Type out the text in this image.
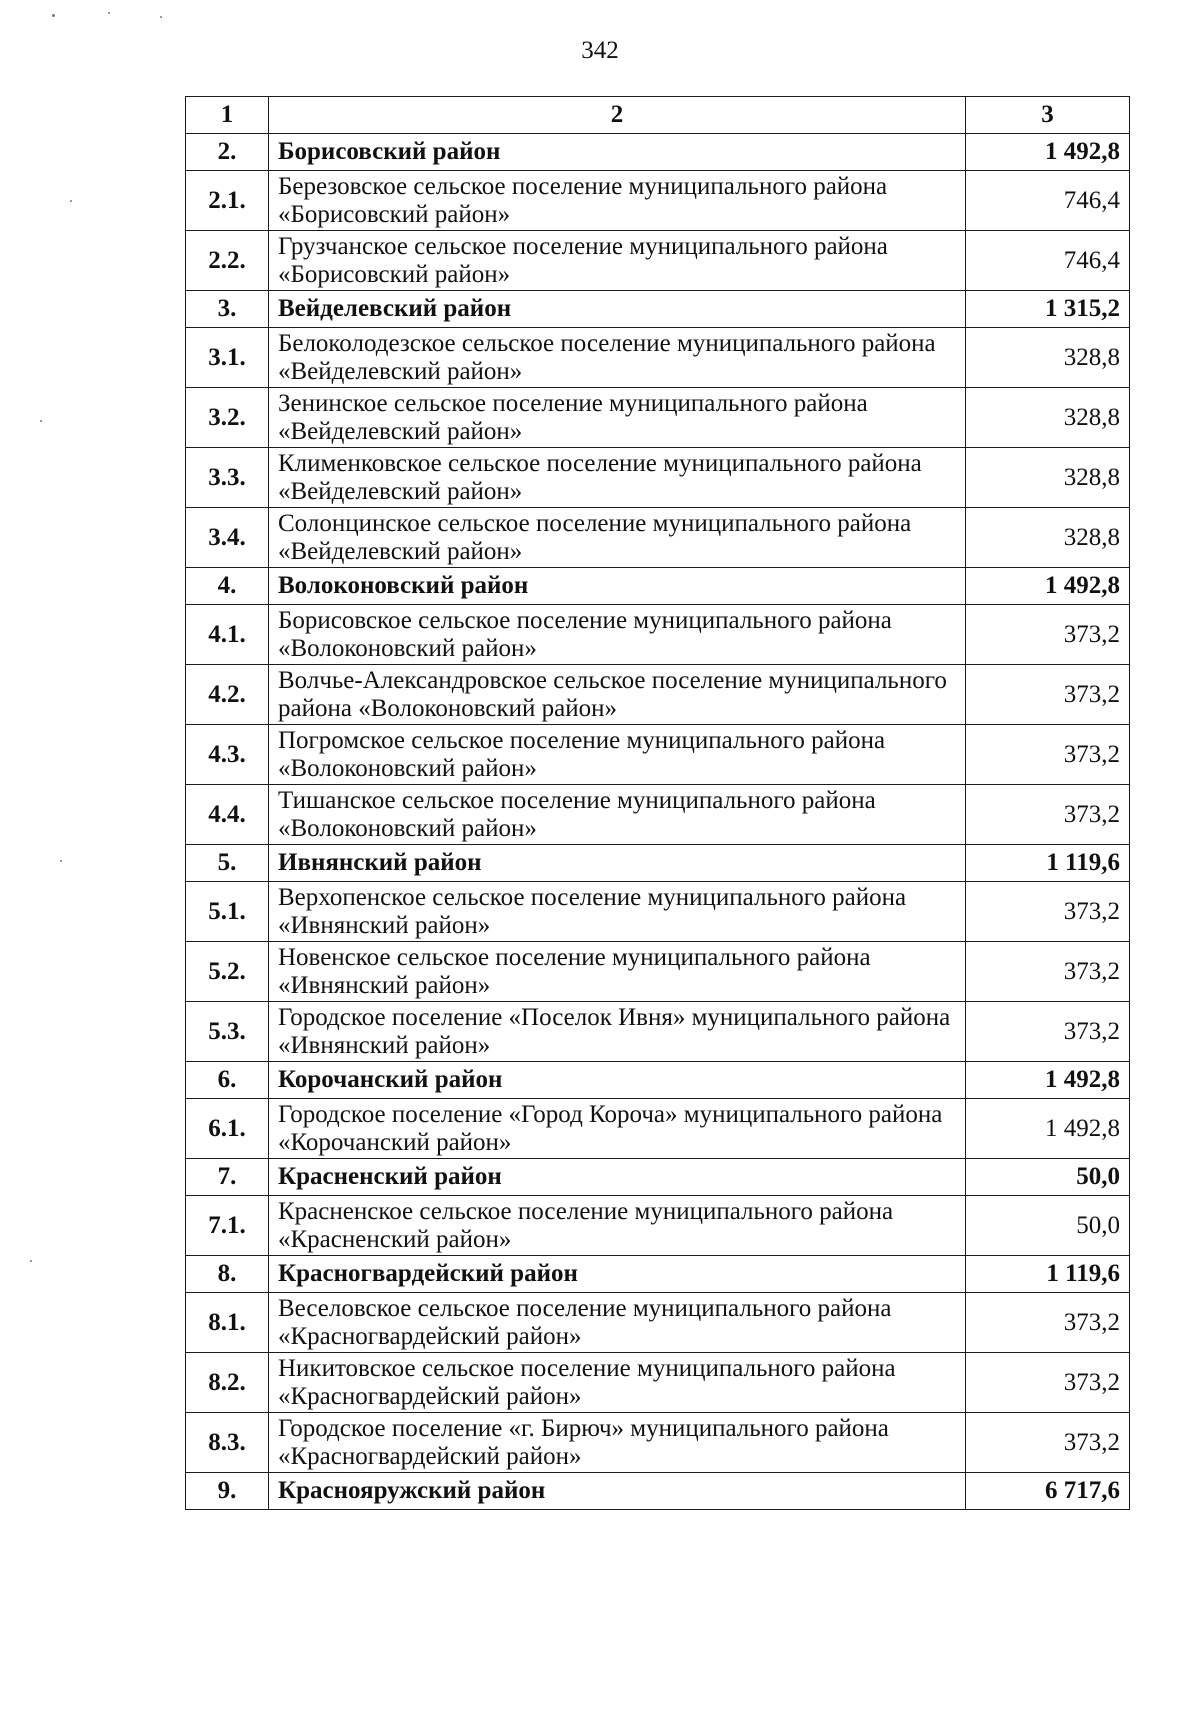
342
1	2	3
2.	Борисовский район	1 492,8
2.1.	Березовское сельское поселение муниципального района «Борисовский район»	746,4
2.2.	Грузчанское сельское поселение муниципального района «Борисовский район»	746,4
3.	Вейделевский район	1 315,2
3.1.	Белоколодезское сельское поселение муниципального района «Вейделевский район»	328,8
3.2.	Зенинское сельское поселение муниципального района «Вейделевский район»	328,8
3.3.	Клименковское сельское поселение муниципального района «Вейделевский район»	328,8
3.4.	Солонцинское сельское поселение муниципального района «Вейделевский район»	328,8
4.	Волоконовский район	1 492,8
4.1.	Борисовское сельское поселение муниципального района «Волоконовский район»	373,2
4.2.	Волчье-Александровское сельское поселение муниципального района «Волоконовский район»	373,2
4.3.	Погромское сельское поселение муниципального района «Волоконовский район»	373,2
4.4.	Тишанское сельское поселение муниципального района «Волоконовский район»	373,2
5.	Ивнянский район	1 119,6
5.1.	Верхопенское сельское поселение муниципального района «Ивнянский район»	373,2
5.2.	Новенское сельское поселение муниципального района «Ивнянский район»	373,2
5.3.	Городское поселение «Поселок Ивня» муниципального района «Ивнянский район»	373,2
6.	Корочанский район	1 492,8
6.1.	Городское поселение «Город Короча» муниципального района «Корочанский район»	1 492,8
7.	Красненский район	50,0
7.1.	Красненское сельское поселение муниципального района «Красненский район»	50,0
8.	Красногвардейский район	1 119,6
8.1.	Веселовское сельское поселение муниципального района «Красногвардейский район»	373,2
8.2.	Никитовское сельское поселение муниципального района «Красногвардейский район»	373,2
8.3.	Городское поселение «г. Бирюч» муниципального района «Красногвардейский район»	373,2
9.	Краснояружский район	6 717,6
